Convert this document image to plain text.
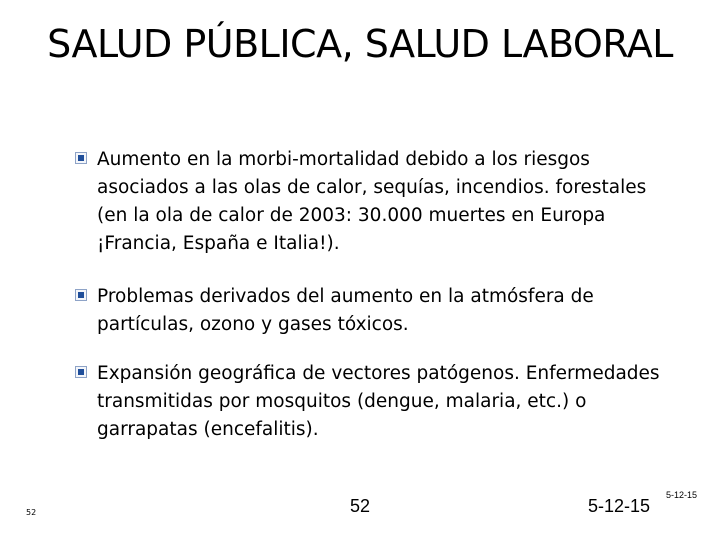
SALUD PÚBLICA, SALUD LABORAL
Aumento en la morbi-mortalidad debido a los riesgos asociados a las olas de calor, sequías, incendios. forestales (en la ola de calor de 2003: 30.000 muertes en Europa ¡Francia, España e Italia!).
Problemas derivados del aumento en la atmósfera de partículas, ozono y gases tóxicos.
Expansión geográfica de vectores patógenos. Enfermedades transmitidas por mosquitos (dengue, malaria, etc.) o garrapatas (encefalitis).
52	52	5-12-15
5-12-15
